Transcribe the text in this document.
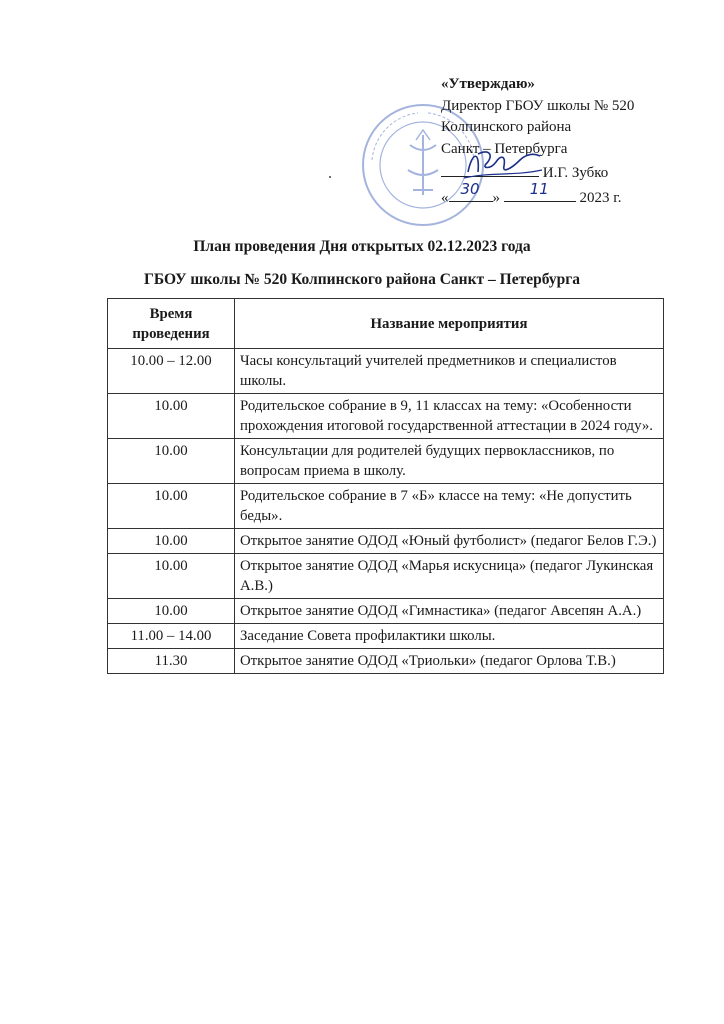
«Утверждаю»
Директор ГБОУ школы № 520
Колпинского района
Санкт – Петербурга
И.Г. Зубко
« 30 » 11 2023 г.
План проведения Дня открытых 02.12.2023 года
ГБОУ школы № 520 Колпинского района Санкт – Петербурга
Время проведения	Название мероприятия
10.00 – 12.00	Часы консультаций учителей предметников и специалистов школы.
10.00	Родительское собрание в 9, 11 классах на тему: «Особенности прохождения итоговой государственной аттестации в 2024 году».
10.00	Консультации для родителей будущих первоклассников, по вопросам приема в школу.
10.00	Родительское собрание в 7 «Б» классе на тему: «Не допустить беды».
10.00	Открытое занятие ОДОД «Юный футболист» (педагог Белов Г.Э.)
10.00	Открытое занятие ОДОД «Марья искусница» (педагог Лукинская А.В.)
10.00	Открытое занятие ОДОД «Гимнастика» (педагог Авсепян А.А.)
11.00 – 14.00	Заседание Совета профилактики школы.
11.30	Открытое занятие ОДОД «Триольки» (педагог Орлова Т.В.)
